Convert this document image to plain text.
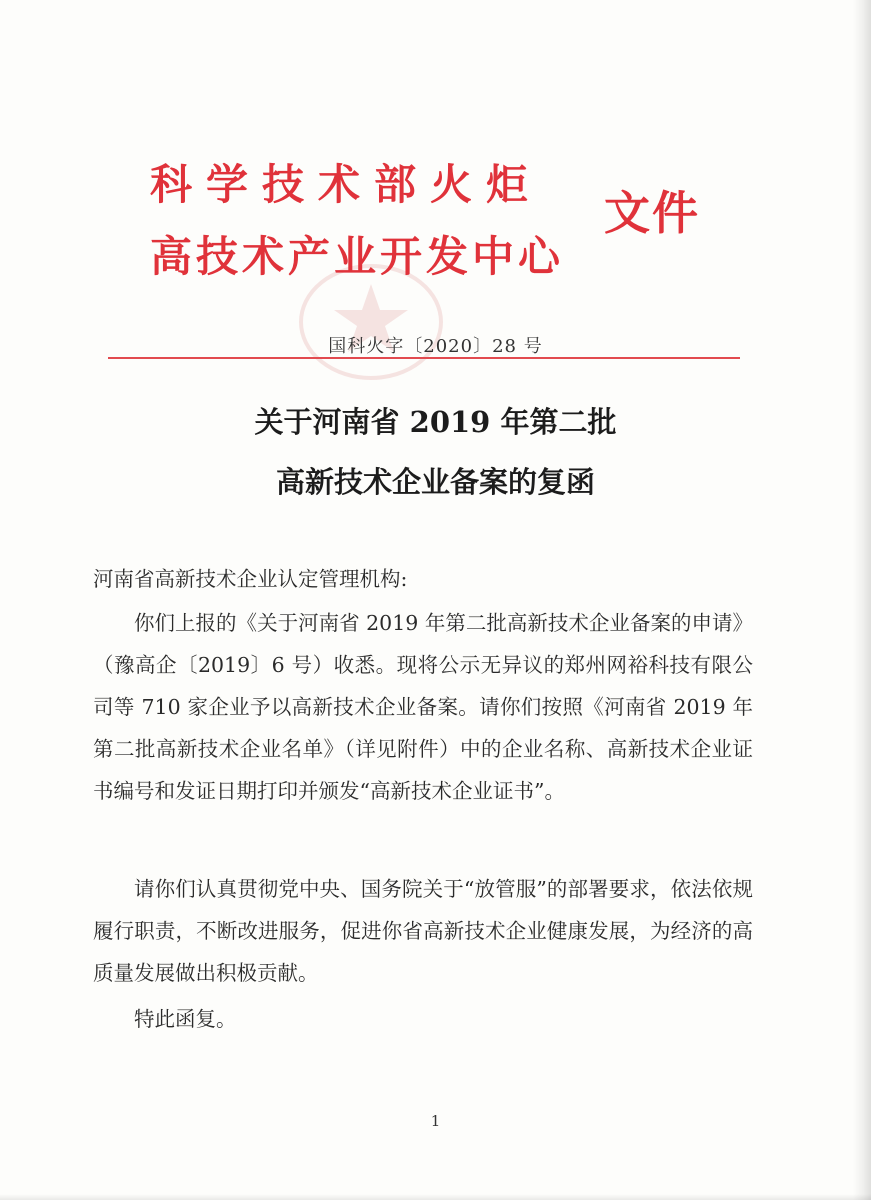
科学技术部火炬
高技术产业开发中心
文件
国科火字〔2020〕28 号
关于河南省 2019 年第二批
高新技术企业备案的复函
河南省高新技术企业认定管理机构:
你们上报的《关于河南省 2019 年第二批高新技术企业备案的申请》（豫高企〔2019〕6 号）收悉。现将公示无异议的郑州网裕科技有限公司等 710 家企业予以高新技术企业备案。请你们按照《河南省 2019 年第二批高新技术企业名单》（详见附件）中的企业名称、高新技术企业证书编号和发证日期打印并颁发“高新技术企业证书”。
请你们认真贯彻党中央、国务院关于“放管服”的部署要求，依法依规履行职责，不断改进服务，促进你省高新技术企业健康发展，为经济的高质量发展做出积极贡献。
特此函复。
1
